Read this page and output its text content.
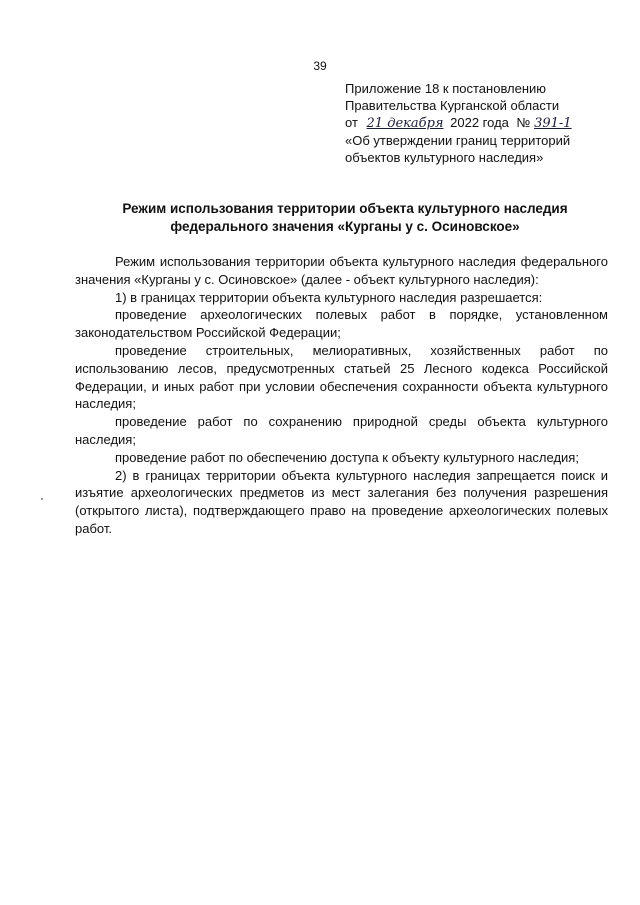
39
Приложение 18 к постановлению
Правительства Курганской области
от 21 декабря 2022 года № 391-1
«Об утверждении границ территорий
объектов культурного наследия»
Режим использования территории объекта культурного наследия
федерального значения «Курганы у с. Осиновское»

Режим использования территории объекта культурного наследия федерального значения «Курганы у с. Осиновское» (далее - объект культурного наследия):

1) в границах территории объекта культурного наследия разрешается:

проведение археологических полевых работ в порядке, установленном законодательством Российской Федерации;

проведение строительных, мелиоративных, хозяйственных работ по использованию лесов, предусмотренных статьей 25 Лесного кодекса Российской Федерации, и иных работ при условии обеспечения сохранности объекта культурного наследия;

проведение работ по сохранению природной среды объекта культурного наследия;

проведение работ по обеспечению доступа к объекту культурного наследия;

2) в границах территории объекта культурного наследия запрещается поиск и изъятие археологических предметов из мест залегания без получения разрешения (открытого листа), подтверждающего право на проведение археологических полевых работ.
